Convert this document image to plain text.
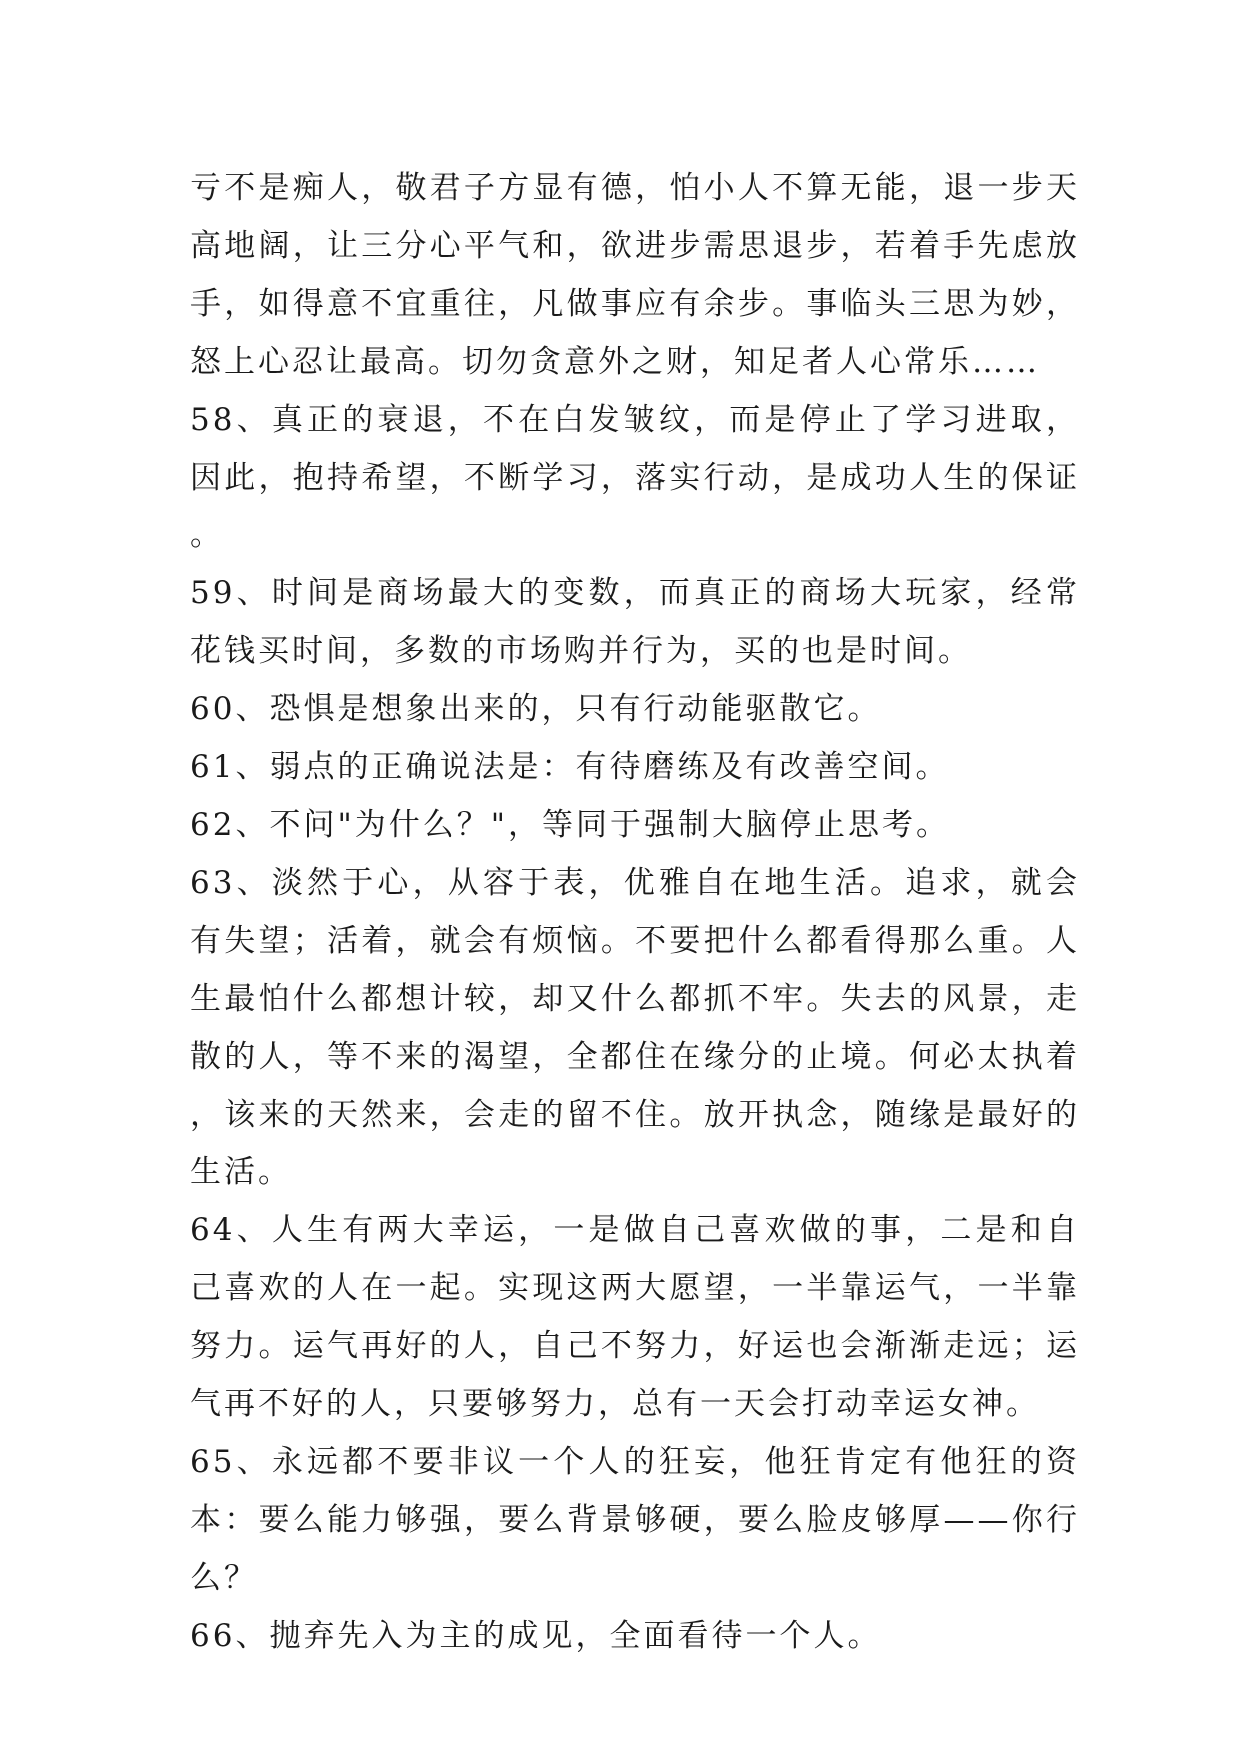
亏不是痴人，敬君子方显有德，怕小人不算无能，退一步天高地阔，让三分心平气和，欲进步需思退步，若着手先虑放手，如得意不宜重往，凡做事应有余步。事临头三思为妙，怒上心忍让最高。切勿贪意外之财，知足者人心常乐……

58、真正的衰退，不在白发皱纹，而是停止了学习进取，因此，抱持希望，不断学习，落实行动，是成功人生的保证。

59、时间是商场最大的变数，而真正的商场大玩家，经常花钱买时间，多数的市场购并行为，买的也是时间。

60、恐惧是想象出来的，只有行动能驱散它。

61、弱点的正确说法是：有待磨练及有改善空间。

62、不问"为什么？"，等同于强制大脑停止思考。

63、淡然于心，从容于表，优雅自在地生活。追求，就会有失望；活着，就会有烦恼。不要把什么都看得那么重。人生最怕什么都想计较，却又什么都抓不牢。失去的风景，走散的人，等不来的渴望，全都住在缘分的止境。何必太执着，该来的天然来，会走的留不住。放开执念，随缘是最好的生活。

64、人生有两大幸运，一是做自己喜欢做的事，二是和自己喜欢的人在一起。实现这两大愿望，一半靠运气，一半靠努力。运气再好的人，自己不努力，好运也会渐渐走远；运气再不好的人，只要够努力，总有一天会打动幸运女神。

65、永远都不要非议一个人的狂妄，他狂肯定有他狂的资本：要么能力够强，要么背景够硬，要么脸皮够厚——你行么？

66、抛弃先入为主的成见，全面看待一个人。
